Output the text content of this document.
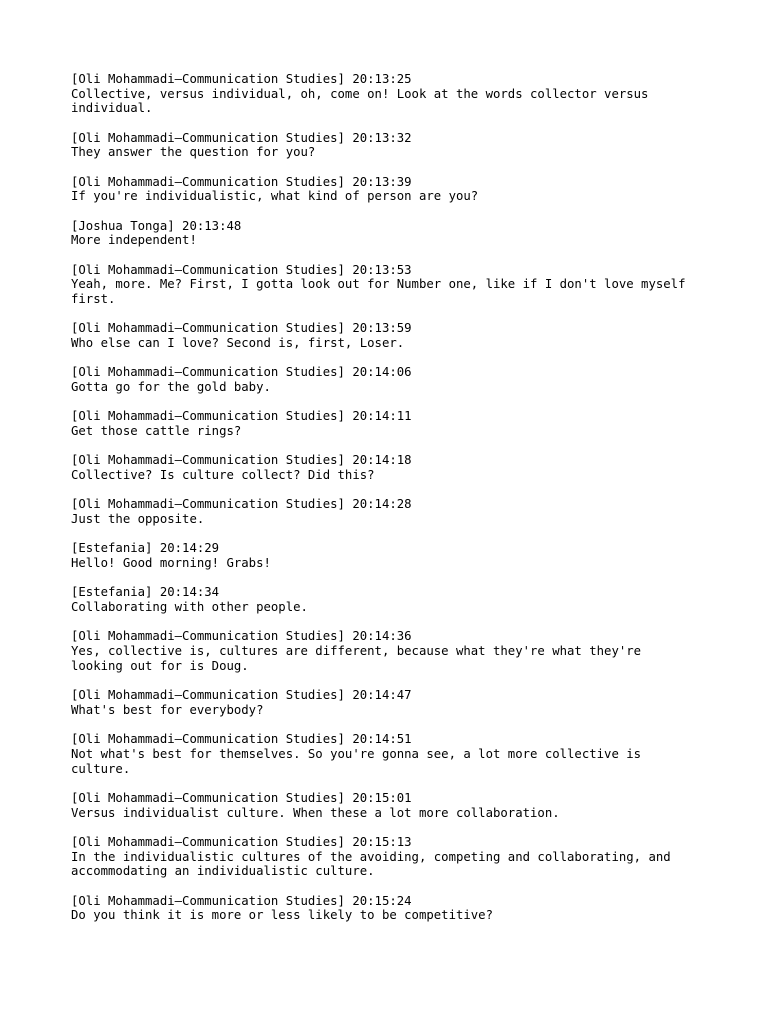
[Oli Mohammadi—Communication Studies] 20:13:25
Collective, versus individual, oh, come on! Look at the words collector versus
individual.
[Oli Mohammadi—Communication Studies] 20:13:32
They answer the question for you?
[Oli Mohammadi—Communication Studies] 20:13:39
If you're individualistic, what kind of person are you?
[Joshua Tonga] 20:13:48
More independent!
[Oli Mohammadi—Communication Studies] 20:13:53
Yeah, more. Me? First, I gotta look out for Number one, like if I don't love myself
first.
[Oli Mohammadi—Communication Studies] 20:13:59
Who else can I love? Second is, first, Loser.
[Oli Mohammadi—Communication Studies] 20:14:06
Gotta go for the gold baby.
[Oli Mohammadi—Communication Studies] 20:14:11
Get those cattle rings?
[Oli Mohammadi—Communication Studies] 20:14:18
Collective? Is culture collect? Did this?
[Oli Mohammadi—Communication Studies] 20:14:28
Just the opposite.
[Estefania] 20:14:29
Hello! Good morning! Grabs!
[Estefania] 20:14:34
Collaborating with other people.
[Oli Mohammadi—Communication Studies] 20:14:36
Yes, collective is, cultures are different, because what they're what they're
looking out for is Doug.
[Oli Mohammadi—Communication Studies] 20:14:47
What's best for everybody?
[Oli Mohammadi—Communication Studies] 20:14:51
Not what's best for themselves. So you're gonna see, a lot more collective is
culture.
[Oli Mohammadi—Communication Studies] 20:15:01
Versus individualist culture. When these a lot more collaboration.
[Oli Mohammadi—Communication Studies] 20:15:13
In the individualistic cultures of the avoiding, competing and collaborating, and
accommodating an individualistic culture.
[Oli Mohammadi—Communication Studies] 20:15:24
Do you think it is more or less likely to be competitive?
